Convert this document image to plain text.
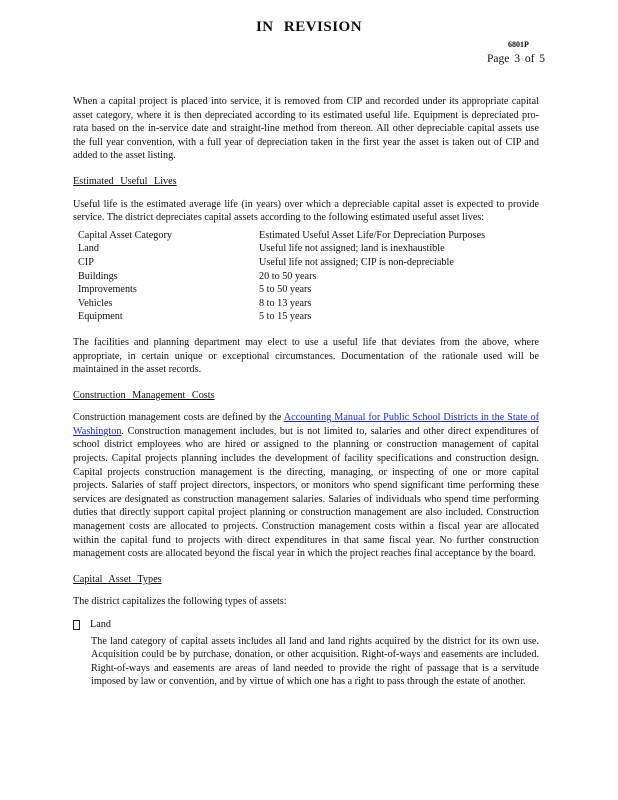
IN REVISION
6801P
Page 3 of 5

When a capital project is placed into service, it is removed from CIP and recorded under its appropriate capital asset category, where it is then depreciated according to its estimated useful life. Equipment is depreciated pro-rata based on the in-service date and straight-line method from thereon. All other depreciable capital assets use the full year convention, with a full year of depreciation taken in the first year the asset is taken out of CIP and added to the asset listing.

Estimated Useful Lives

Useful life is the estimated average life (in years) over which a depreciable capital asset is expected to provide service. The district depreciates capital assets according to the following estimated useful asset lives:

Capital Asset Category	Estimated Useful Asset Life/For Depreciation Purposes
Land	Useful life not assigned; land is inexhaustible
CIP	Useful life not assigned; CIP is non-depreciable
Buildings	20 to 50 years
Improvements	5 to 50 years
Vehicles	8 to 13 years
Equipment	5 to 15 years

The facilities and planning department may elect to use a useful life that deviates from the above, where appropriate, in certain unique or exceptional circumstances. Documentation of the rationale used will be maintained in the asset records.

Construction Management Costs

Construction management costs are defined by the Accounting Manual for Public School Districts in the State of Washington. Construction management includes, but is not limited to, salaries and other direct expenditures of school district employees who are hired or assigned to the planning or construction management of capital projects. Capital projects planning includes the development of facility specifications and construction design. Capital projects construction management is the directing, managing, or inspecting of one or more capital projects. Salaries of staff project directors, inspectors, or monitors who spend significant time performing these services are designated as construction management salaries. Salaries of individuals who spend time performing duties that directly support capital project planning or construction management are also included. Construction management costs are allocated to projects. Construction management costs within a fiscal year are allocated within the capital fund to projects with direct expenditures in that same fiscal year. No further construction management costs are allocated beyond the fiscal year in which the project reaches final acceptance by the board.

Capital Asset Types

The district capitalizes the following types of assets:

Land

The land category of capital assets includes all land and land rights acquired by the district for its own use. Acquisition could be by purchase, donation, or other acquisition. Right-of-ways and easements are included. Right-of-ways and easements are areas of land needed to provide the right of passage that is a servitude imposed by law or convention, and by virtue of which one has a right to pass through the estate of another.
